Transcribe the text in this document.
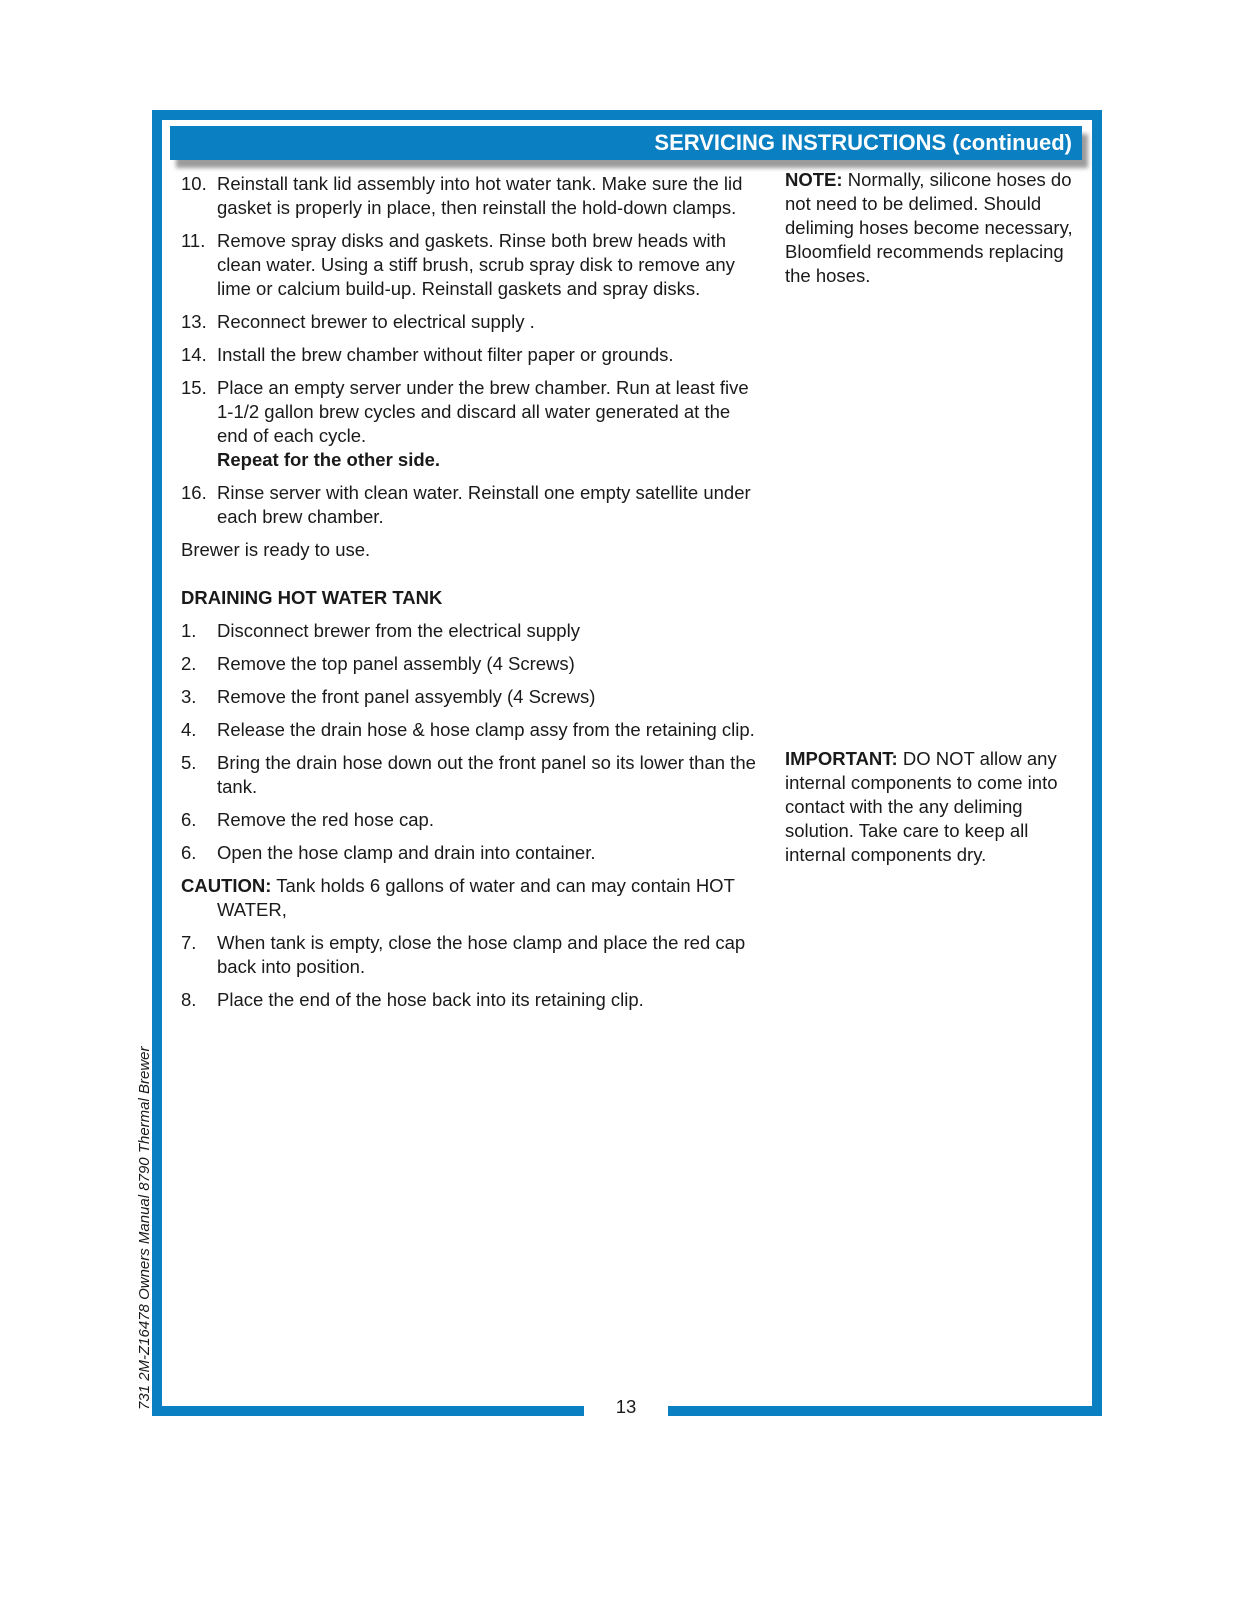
SERVICING INSTRUCTIONS (continued)
10. Reinstall tank lid assembly into hot water tank. Make sure the lid gasket is properly in place, then reinstall the hold-down clamps.
11. Remove spray disks and gaskets. Rinse both brew heads with clean water. Using a stiff brush, scrub spray disk to remove any lime or calcium build-up. Reinstall gaskets and spray disks.
13. Reconnect brewer to electrical supply .
14. Install the brew chamber without filter paper or grounds.
15. Place an empty server under the brew chamber. Run at least five 1-1/2 gallon brew cycles and discard all water generated at the end of each cycle.
Repeat for the other side.
16. Rinse server with clean water. Reinstall one empty satellite under each brew chamber.
Brewer is ready to use.
DRAINING HOT WATER TANK
1.	Disconnect brewer from the electrical supply
2.	Remove the top panel assembly (4 Screws)
3.	Remove the front panel assyembly (4 Screws)
4.	Release the drain hose & hose clamp assy from the retaining clip.
5.	Bring the drain hose down out the front panel so its lower than the tank.
6.	Remove the red hose cap.
6.	Open the hose clamp and drain into container.
CAUTION: Tank holds 6 gallons of water and can may contain HOT WATER,
7.	When tank is empty, close the hose clamp and place the red cap back into position.
8.	Place the end of the hose back into its retaining clip.
NOTE: Normally, silicone hoses do not need to be delimed. Should deliming hoses become necessary, Bloomfield recommends replacing the hoses.
IMPORTANT: DO NOT allow any internal components to come into contact with the any deliming solution. Take care to keep all internal components dry.
13
731 2M-Z16478 Owners Manual 8790 Thermal Brewer
